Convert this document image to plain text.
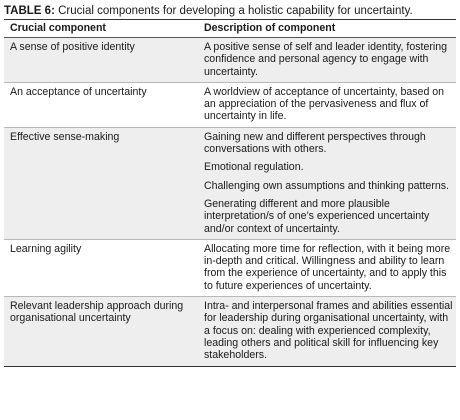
TABLE 6: Crucial components for developing a holistic capability for uncertainty.

Crucial component	Description of component
A sense of positive identity	A positive sense of self and leader identity, fostering confidence and personal agency to engage with uncertainty.

An acceptance of uncertainty	A worldview of acceptance of uncertainty, based on an appreciation of the pervasiveness and flux of uncertainty in life.

Effective sense-making	Gaining new and different perspectives through conversations with others.
Emotional regulation.
Challenging own assumptions and thinking patterns.
Generating different and more plausible interpretation/s of one’s experienced uncertainty and/or context of uncertainty.

Learning agility	Allocating more time for reflection, with it being more in-depth and critical. Willingness and ability to learn from the experience of uncertainty, and to apply this to future experiences of uncertainty.

Relevant leadership approach during organisational uncertainty	Intra- and interpersonal frames and abilities essential for leadership during organisational uncertainty, with a focus on: dealing with experienced complexity, leading others and political skill for influencing key stakeholders.
